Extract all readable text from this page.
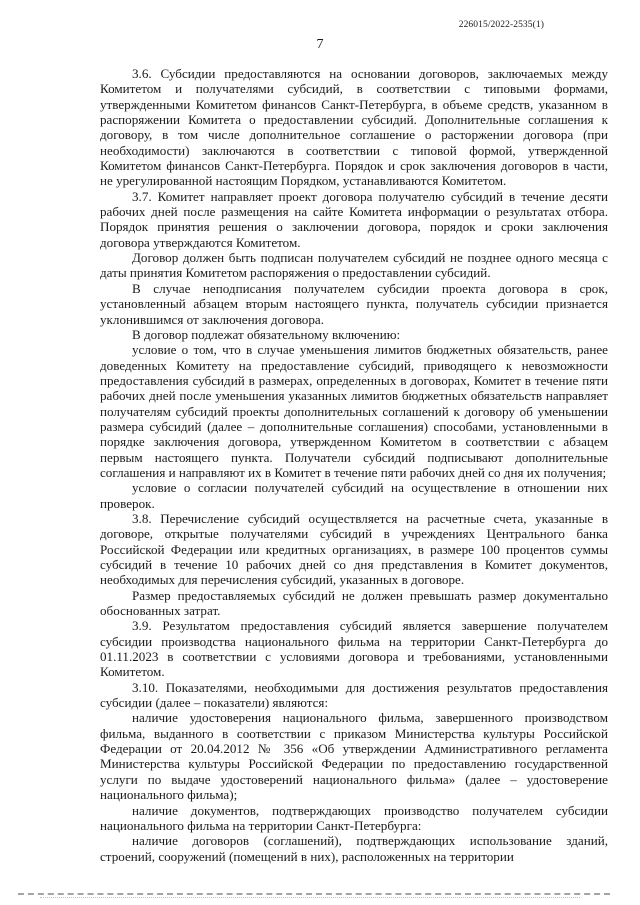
226015/2022-2535(1)
7

3.6. Субсидии предоставляются на основании договоров, заключаемых между Комитетом и получателями субсидий, в соответствии с типовыми формами, утвержденными Комитетом финансов Санкт-Петербурга, в объеме средств, указанном в распоряжении Комитета о предоставлении субсидий. Дополнительные соглашения к договору, в том числе дополнительное соглашение о расторжении договора (при необходимости) заключаются в соответствии с типовой формой, утвержденной Комитетом финансов Санкт-Петербурга. Порядок и срок заключения договоров в части, не урегулированной настоящим Порядком, устанавливаются Комитетом.

3.7. Комитет направляет проект договора получателю субсидий в течение десяти рабочих дней после размещения на сайте Комитета информации о результатах отбора. Порядок принятия решения о заключении договора, порядок и сроки заключения договора утверждаются Комитетом.

Договор должен быть подписан получателем субсидий не позднее одного месяца с даты принятия Комитетом распоряжения о предоставлении субсидий.

В случае неподписания получателем субсидии проекта договора в срок, установленный абзацем вторым настоящего пункта, получатель субсидии признается уклонившимся от заключения договора.

В договор подлежат обязательному включению:

условие о том, что в случае уменьшения лимитов бюджетных обязательств, ранее доведенных Комитету на предоставление субсидий, приводящего к невозможности предоставления субсидий в размерах, определенных в договорах, Комитет в течение пяти рабочих дней после уменьшения указанных лимитов бюджетных обязательств направляет получателям субсидий проекты дополнительных соглашений к договору об уменьшении размера субсидий (далее – дополнительные соглашения) способами, установленными в порядке заключения договора, утвержденном Комитетом в соответствии с абзацем первым настоящего пункта. Получатели субсидий подписывают дополнительные соглашения и направляют их в Комитет в течение пяти рабочих дней со дня их получения;

условие о согласии получателей субсидий на осуществление в отношении них проверок.

3.8. Перечисление субсидий осуществляется на расчетные счета, указанные в договоре, открытые получателями субсидий в учреждениях Центрального банка Российской Федерации или кредитных организациях, в размере 100 процентов суммы субсидий в течение 10 рабочих дней со дня представления в Комитет документов, необходимых для перечисления субсидий, указанных в договоре.

Размер предоставляемых субсидий не должен превышать размер документально обоснованных затрат.

3.9. Результатом предоставления субсидий является завершение получателем субсидии производства национального фильма на территории Санкт-Петербурга до 01.11.2023 в соответствии с условиями договора и требованиями, установленными Комитетом.

3.10. Показателями, необходимыми для достижения результатов предоставления субсидии (далее – показатели) являются:

наличие удостоверения национального фильма, завершенного производством фильма, выданного в соответствии с приказом Министерства культуры Российской Федерации от 20.04.2012 № 356 «Об утверждении Административного регламента Министерства культуры Российской Федерации по предоставлению государственной услуги по выдаче удостоверений национального фильма» (далее – удостоверение национального фильма);

наличие документов, подтверждающих производство получателем субсидии национального фильма на территории Санкт-Петербурга:

наличие договоров (соглашений), подтверждающих использование зданий, строений, сооружений (помещений в них), расположенных на территории
